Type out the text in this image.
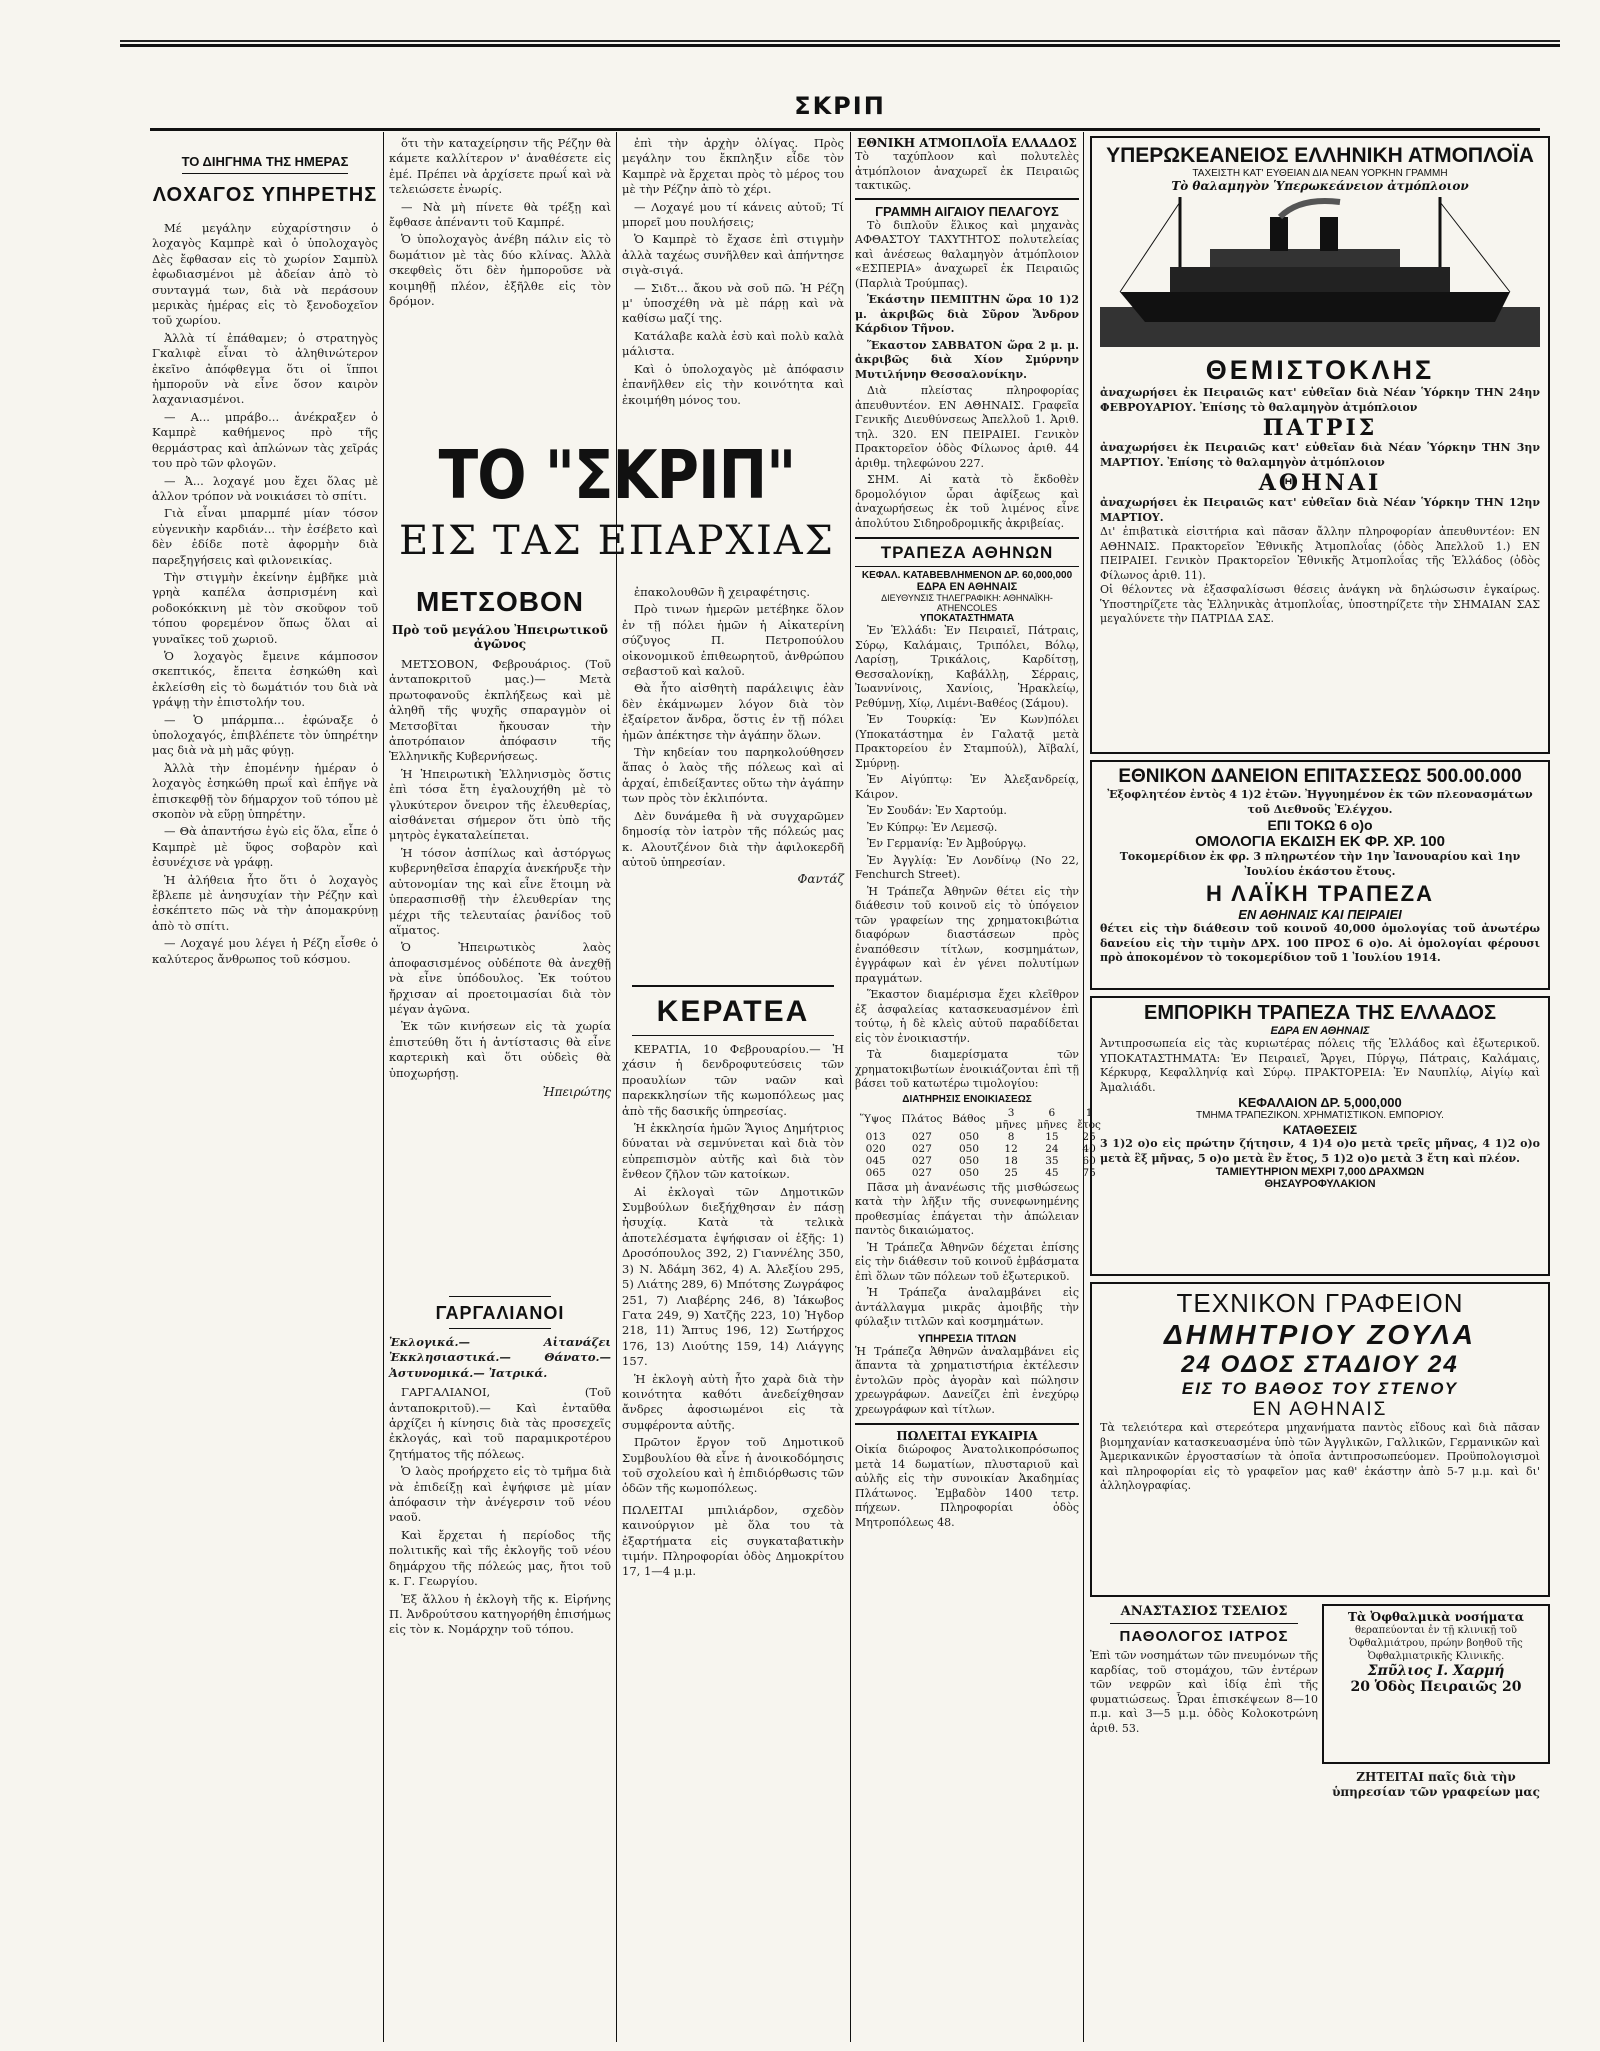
ΣΚΡΙΠ
ΤΟ ΔΙΗΓΗΜΑ ΤΗΣ ΗΜΕΡΑΣ
ΛΟΧΑΓΟΣ ΥΠΗΡΕΤΗΣ

Μέ μεγάλην εὐχαρίστησιν ὁ λοχαγὸς Καμπρὲ καὶ ὁ ὑπολοχαγὸς Δὲς ἔφθασαν εἰς τὸ χωρίον Σαμπὺλ ἐφωδιασμένοι μὲ ἀδείαν ἀπὸ τὸ συνταγμά των, διὰ νὰ περάσουν μερικὰς ἡμέρας εἰς τὸ ξενοδοχεῖον τοῦ χωρίου.

Ἀλλὰ τί ἐπάθαμεν; ὁ στρατηγὸς Γκαλιφὲ εἶναι τὸ ἀληθινώτερον ἐκεῖνο ἀπόφθεγμα ὅτι οἱ ἵπποι ἠμποροῦν νὰ εἶνε ὅσον καιρὸν λαχανιασμένοι.

— Α... μπράβο... ἀνέκραξεν ὁ Καμπρὲ καθήμενος πρὸ τῆς θερμάστρας καὶ ἀπλώνων τὰς χεῖράς του πρὸ τῶν φλογῶν.

— Ἀ... λοχαγέ μου ἔχει ὅλας μὲ ἀλλον τρόπον νὰ νοικιάσει τὸ σπίτι.

Γιὰ εἶναι μπαρμπέ μίαν τόσον εὐγενικὴν καρδιάν... τὴν ἐσέβετο καὶ δὲν ἐδίδε ποτὲ ἀφορμὴν διὰ παρεξηγήσεις καὶ φιλονεικίας.

Τὴν στιγμὴν ἐκείνην ἐμβῆκε μιὰ γρηὰ καπέλα ἀσπρισμένη καὶ ροδοκόκκινη μὲ τὸν σκοῦφον τοῦ τόπου φορεμένον ὅπως ὅλαι αἱ γυναῖκες τοῦ χωριοῦ.

Ὁ λοχαγὸς ἔμεινε κάμποσον σκεπτικός, ἔπειτα ἐσηκώθη καὶ ἐκλείσθη εἰς τὸ δωμάτιόν του διὰ νὰ γράψῃ τὴν ἐπιστολήν του.

— Ὁ μπάρμπα... ἐφώναξε ὁ ὑπολοχαγός, ἐπιβλέπετε τὸν ὑπηρέτην μας διὰ νὰ μὴ μᾶς φύγῃ.

Ἀλλὰ τὴν ἐπομένην ἡμέραν ὁ λοχαγὸς ἐσηκώθη πρωΐ καὶ ἐπῆγε νὰ ἐπισκεφθῇ τὸν δήμαρχον τοῦ τόπου μὲ σκοπὸν νὰ εὕρῃ ὑπηρέτην.

— Θὰ ἀπαντήσω ἐγὼ εἰς ὅλα, εἶπε ὁ Καμπρὲ μὲ ὕφος σοβαρὸν καὶ ἐσυνέχισε νὰ γράφῃ.

Ἡ ἀλήθεια ἦτο ὅτι ὁ λοχαγὸς ἔβλεπε μὲ ἀνησυχίαν τὴν Ρέζην καὶ ἐσκέπτετο πῶς νὰ τὴν ἀπομακρύνῃ ἀπὸ τὸ σπίτι.

— Λοχαγέ μου λέγει ἡ Ρέζη εἶσθε ὁ καλύτερος ἄνθρωπος τοῦ κόσμου.

ὅτι τὴν καταχείρησιν τῆς Ρέζην θὰ κάμετε καλλίτερον ν' ἀναθέσετε εἰς ἐμέ. Πρέπει νὰ ἀρχίσετε πρωΐ καὶ νὰ τελειώσετε ἐνωρίς.

— Νὰ μὴ πίνετε θὰ τρέξῃ καὶ ἔφθασε ἀπέναντι τοῦ Καμπρέ.

Ὁ ὑπολοχαγὸς ἀνέβη πάλιν εἰς τὸ δωμάτιον μὲ τὰς δύο κλίνας. Ἀλλὰ σκεφθεὶς ὅτι δὲν ἠμποροῦσε νὰ κοιμηθῇ πλέον, ἐξῆλθε εἰς τὸν δρόμον.

ΤΟ "ΣΚΡΙΠ"
ΕΙΣ ΤΑΣ ΕΠΑΡΧΙΑΣ
ΜΕΤΣΟΒΟΝ
Πρὸ τοῦ μεγάλου Ἠπειρωτικοῦ ἀγῶνος

ΜΕΤΣΟΒΟΝ, Φεβρουάριος. (Τοῦ ἀνταποκριτοῦ μας.)— Μετὰ πρωτοφανοῦς ἐκπλήξεως καὶ μὲ ἀληθῆ τῆς ψυχῆς σπαραγμὸν οἱ Μετσοβῖται ἤκουσαν τὴν ἀποτρόπαιον ἀπόφασιν τῆς Ἑλληνικῆς Κυβερνήσεως.

Ἡ Ἠπειρωτικὴ Ἑλληνισμὸς ὅστις ἐπὶ τόσα ἔτη ἐγαλουχήθη μὲ τὸ γλυκύτερον ὄνειρον τῆς ἐλευθερίας, αἰσθάνεται σήμερον ὅτι ὑπὸ τῆς μητρὸς ἐγκαταλείπεται.

Ἡ τόσον ἀσπίλως καὶ ἀστόργως κυβερνηθεῖσα ἐπαρχία ἀνεκήρυξε τὴν αὐτονομίαν της καὶ εἶνε ἕτοιμη νὰ ὑπερασπισθῇ τὴν ἐλευθερίαν της μέχρι τῆς τελευταίας ῥανίδος τοῦ αἵματος.

Ὁ Ἠπειρωτικὸς λαὸς ἀποφασισμένος οὐδέποτε θὰ ἀνεχθῇ νὰ εἶνε ὑπόδουλος. Ἐκ τούτου ἤρχισαν αἱ προετοιμασίαι διὰ τὸν μέγαν ἀγῶνα.

Ἐκ τῶν κινήσεων εἰς τὰ χωρία ἐπιστεύθη ὅτι ἡ ἀντίστασις θὰ εἶνε καρτερικὴ καὶ ὅτι οὐδεὶς θὰ ὑποχωρήσῃ.

Ἠπειρώτης
ΓΑΡΓΑΛΙΑΝΟΙ
Ἐκλογικά.— Αἰτανάζει Ἐκκλησιαστικά.— Θάνατο.— Ἀστυνομικά.— Ἰατρικά.

ΓΑΡΓΑΛΙΑΝΟΙ, (Τοῦ ἀνταποκριτοῦ).— Καὶ ἐνταῦθα ἀρχίζει ἡ κίνησις διὰ τὰς προσεχεῖς ἐκλογάς, καὶ τοῦ παραμικροτέρου ζητήματος τῆς πόλεως.

Ὁ λαὸς προήρχετο εἰς τὸ τμῆμα διὰ νὰ ἐπιδείξῃ καὶ ἐψήφισε μὲ μίαν ἀπόφασιν τὴν ἀνέγερσιν τοῦ νέου ναοῦ.

Καὶ ἔρχεται ἡ περίοδος τῆς πολιτικῆς καὶ τῆς ἐκλογῆς τοῦ νέου δημάρχου τῆς πόλεώς μας, ἤτοι τοῦ κ. Γ. Γεωργίου.

Ἐξ ἄλλου ἡ ἐκλογὴ τῆς κ. Εἰρήνης Π. Ἀνδρούτσου κατηγορήθη ἐπισήμως εἰς τὸν κ. Νομάρχην τοῦ τόπου.

ἐπὶ τὴν ἀρχὴν ὀλίγας. Πρὸς μεγάλην του ἔκπληξιν εἶδε τὸν Καμπρὲ νὰ ἔρχεται πρὸς τὸ μέρος του μὲ τὴν Ρέζην ἀπὸ τὸ χέρι.

— Λοχαγέ μου τί κάνεις αὐτοῦ; Τί μπορεῖ μου πουλήσεις;

Ὁ Καμπρὲ τὸ ἔχασε ἐπὶ στιγμὴν ἀλλὰ ταχέως συνῆλθεν καὶ ἀπήντησε σιγὰ-σιγά.

— Σιδτ... ἄκου νὰ σοῦ πῶ. Ἡ Ρέζη μ' ὑποσχέθη νὰ μὲ πάρῃ καὶ νὰ καθίσω μαζί της.

Κατάλαβε καλὰ ἐσὺ καὶ πολὺ καλὰ μάλιστα.

Καὶ ὁ ὑπολοχαγὸς μὲ ἀπόφασιν ἐπανῆλθεν εἰς τὴν κοινότητα καὶ ἐκοιμήθη μόνος του.

ἐπακολουθῶν ἢ χειραφέτησις.

Πρὸ τινων ἡμερῶν μετέβηκε ὅλον ἐν τῇ πόλει ἡμῶν ἡ Αἰκατερίνη σύζυγος Π. Πετροπούλου οἰκονομικοῦ ἐπιθεωρητοῦ, ἀνθρώπου σεβαστοῦ καὶ καλοῦ.

Θὰ ἦτο αἰσθητὴ παράλειψις ἐὰν δὲν ἐκάμνωμεν λόγον διὰ τὸν ἐξαίρετον ἄνδρα, ὅστις ἐν τῇ πόλει ἡμῶν ἀπέκτησε τὴν ἀγάπην ὅλων.

Τὴν κηδείαν του παρηκολούθησεν ἅπας ὁ λαὸς τῆς πόλεως καὶ αἱ ἀρχαί, ἐπιδείξαντες οὕτω τὴν ἀγάπην των πρὸς τὸν ἐκλιπόντα.

Δὲν δυνάμεθα ἢ νὰ συγχαρῶμεν δημοσίᾳ τὸν ἰατρὸν τῆς πόλεώς μας κ. Αλουτζένον διὰ τὴν ἀφιλοκερδῆ αὐτοῦ ὑπηρεσίαν.

Φαντάζ
ΚΕΡΑΤΕΑ

ΚΕΡΑΤΙΑ, 10 Φεβρουαρίου.— Ἡ χάσιν ἡ δενδροφυτεύσεις τῶν προαυλίων τῶν ναῶν καὶ παρεκκλησίων τῆς κωμοπόλεως μας ἀπὸ τῆς δασικῆς ὑπηρεσίας.

Ἡ ἐκκλησία ἡμῶν Ἅγιος Δημήτριος δύναται νὰ σεμνύνεται καὶ διὰ τὸν εὐπρεπισμὸν αὐτῆς καὶ διὰ τὸν ἔνθεον ζῆλον τῶν κατοίκων.

Αἱ ἐκλογαὶ τῶν Δημοτικῶν Συμβούλων διεξήχθησαν ἐν πάσῃ ἡσυχίᾳ. Κατὰ τὰ τελικὰ ἀποτελέσματα ἐψήφισαν οἱ ἑξῆς: 1) Δροσόπουλος 392, 2) Γιαννέλης 350, 3) Ν. Ἀδάμη 362, 4) Α. Ἀλεξίου 295, 5) Λιάτης 289, 6) Μπότσης Ζωγράφος 251, 7) Λιαβέρης 246, 8) Ἰάκωβος Γατα 249, 9) Χατζῆς 223, 10) Ἠγδορ 218, 11) Ἄπτυς 196, 12) Σωτήρχος 176, 13) Λιούτης 159, 14) Λιάγγης 157.

Ἡ ἐκλογὴ αὐτὴ ἦτο χαρὰ διὰ τὴν κοινότητα καθότι ἀνεδείχθησαν ἄνδρες ἀφοσιωμένοι εἰς τὰ συμφέροντα αὐτῆς.

Πρῶτον ἔργον τοῦ Δημοτικοῦ Συμβουλίου θὰ εἶνε ἡ ἀνοικοδόμησις τοῦ σχολείου καὶ ἡ ἐπιδιόρθωσις τῶν ὁδῶν τῆς κωμοπόλεως.

ΠΩΛΕΙΤΑΙ μπιλιάρδον, σχεδὸν καινούργιον μὲ ὅλα του τὰ ἐξαρτήματα εἰς συγκαταβατικὴν τιμήν. Πληροφορίαι ὁδὸς Δημοκρίτου 17, 1—4 μ.μ.
ΕΘΝΙΚΗ ΑΤΜΟΠΛΟΪΑ ΕΛΛΑΔΟΣ
Τὸ ταχύπλοον καὶ πολυτελὲς ἀτμόπλοιον ἀναχωρεῖ ἐκ Πειραιῶς τακτικῶς.
ΓΡΑΜΜΗ ΑΙΓΑΙΟΥ ΠΕΛΑΓΟΥΣ

Τὸ διπλοῦν ἕλικος καὶ μηχανὰς ΑΦΘΑΣΤΟΥ ΤΑΧΥΤΗΤΟΣ πολυτελείας καὶ ἀνέσεως θαλαμηγὸν ἀτμόπλοιον «ΕΣΠΕΡΙΑ» ἀναχωρεῖ ἐκ Πειραιῶς (Παρλιὰ Τρούμπας).

Ἑκάστην ΠΕΜΠΤΗΝ ὥρα 10 1)2 μ. ἀκριβῶς διὰ Σῦρον Ἄνδρον Κάρδιον Τῆνον.

Ἕκαστον ΣΑΒΒΑΤΟΝ ὥρα 2 μ. μ. ἀκριβῶς διὰ Χίον Σμύρνην Μυτιλήνην Θεσσαλονίκην.

Διὰ πλείστας πληροφορίας ἀπευθυντέον. ΕΝ ΑΘΗΝΑΙΣ. Γραφεῖα Γενικῆς Διευθύνσεως Ἀπελλοῦ 1. Ἀριθ. τηλ. 320. ΕΝ ΠΕΙΡΑΙΕΙ. Γενικὸν Πρακτορεῖον ὁδὸς Φίλωνος ἀριθ. 44 ἀριθμ. τηλεφώνου 227.

ΣΗΜ. Αἱ κατὰ τὸ ἔκδοθὲν δρομολόγιον ὧραι ἀφίξεως καὶ ἀναχωρήσεως ἐκ τοῦ λιμένος εἶνε ἀπολύτου Σιδηροδρομικῆς ἀκριβείας.

ΤΡΑΠΕΖΑ ΑΘΗΝΩΝ
ΚΕΦΑΛ. ΚΑΤΑΒΕΒΛΗΜΕΝΟΝ ΔΡ. 60,000,000
ΕΔΡΑ ΕΝ ΑΘΗΝΑΙΣ
ΔΙΕΥΘΥΝΣΙΣ ΤΗΛΕΓΡΑΦΙΚΗ: ΑΘΗΝΑΪΚΗ-ATHENCOLES
ΥΠΟΚΑΤΑΣΤΗΜΑΤΑ

Ἐν Ἑλλάδι: Ἐν Πειραιεῖ, Πάτραις, Σύρῳ, Καλάμαις, Τριπόλει, Βόλῳ, Λαρίσῃ, Τρικάλοις, Καρδίτσῃ, Θεσσαλονίκῃ, Καβάλλῃ, Σέρραις, Ἰωαννίνοις, Χανίοις, Ἡρακλείῳ, Ρεθύμνῃ, Χίῳ, Λιμένι-Βαθέος (Σάμου).

Ἐν Τουρκίᾳ: Ἐν Κων)πόλει (Υποκατάστημα ἐν Γαλατᾷ μετὰ Πρακτορείου ἐν Σταμπούλ), Ἀϊβαλί, Σμύρνῃ.

Ἐν Αἰγύπτῳ: Ἐν Ἀλεξανδρείᾳ, Κάιρον.

Ἐν Σουδάν: Ἐν Χαρτούμ.

Ἐν Κύπρῳ: Ἐν Λεμεσῷ.

Ἐν Γερμανίᾳ: Ἐν Ἀμβούργῳ.

Ἐν Ἀγγλίᾳ: Ἐν Λονδίνῳ (Νο 22, Fenchurch Street).

Ἡ Τράπεζα Ἀθηνῶν θέτει εἰς τὴν διάθεσιν τοῦ κοινοῦ εἰς τὸ ὑπόγειον τῶν γραφείων της χρηματοκιβώτια διαφόρων διαστάσεων πρὸς ἐναπόθεσιν τίτλων, κοσμημάτων, ἐγγράφων καὶ ἐν γένει πολυτίμων πραγμάτων.

Ἕκαστον διαμέρισμα ἔχει κλεῖθρον ἐξ ἀσφαλείας κατασκευασμένον ἐπὶ τούτῳ, ἡ δὲ κλεὶς αὐτοῦ παραδίδεται εἰς τὸν ἐνοικιαστήν.

Τὰ διαμερίσματα τῶν χρηματοκιβωτίων ἐνοικιάζονται ἐπὶ τῇ βάσει τοῦ κατωτέρω τιμολογίου:

ΔΙΑΤΗΡΗΣΙΣ ΕΝΟΙΚΙΑΣΕΩΣ
Ὕψος	Πλάτος	Βάθος	3 μῆνες	6 μῆνες	1 ἔτος
013	027	050	8	15	25
020	027	050	12	24	40
045	027	050	18	35	60
065	027	050	25	45	75

Πᾶσα μὴ ἀνανέωσις τῆς μισθώσεως κατὰ τὴν λῆξιν τῆς συνεφωνημένης προθεσμίας ἐπάγεται τὴν ἀπώλειαν παντὸς δικαιώματος.

Ἡ Τράπεζα Ἀθηνῶν δέχεται ἐπίσης εἰς τὴν διάθεσιν τοῦ κοινοῦ ἐμβάσματα ἐπὶ ὅλων τῶν πόλεων τοῦ ἐξωτερικοῦ.

Ἡ Τράπεζα ἀναλαμβάνει εἰς ἀντάλλαγμα μικρᾶς ἀμοιβῆς τὴν φύλαξιν τιτλῶν καὶ κοσμημάτων.

ΥΠΗΡΕΣΙΑ ΤΙΤΛΩΝ
Ἡ Τράπεζα Ἀθηνῶν ἀναλαμβάνει εἰς ἅπαντα τὰ χρηματιστήρια ἐκτέλεσιν ἐντολῶν πρὸς ἀγορὰν καὶ πώλησιν χρεωγράφων. Δανείζει ἐπὶ ἐνεχύρῳ χρεωγράφων καὶ τίτλων.
ΠΩΛΕΙΤΑΙ ΕΥΚΑΙΡΙΑ
Οἰκία διώροφος Ἀνατολικοπρόσωπος μετὰ 14 δωματίων, πλυσταριοῦ καὶ αὐλῆς εἰς τὴν συνοικίαν Ἀκαδημίας Πλάτωνος. Ἐμβαδὸν 1400 τετρ. πήχεων. Πληροφορίαι ὁδὸς Μητροπόλεως 48.
ΥΠΕΡΩΚΕΑΝΕΙΟΣ ΕΛΛΗΝΙΚΗ ΑΤΜΟΠΛΟΪΑ
ΤΑΧΕΙΣΤΗ ΚΑΤ' ΕΥΘΕΙΑΝ ΔΙΑ ΝΕΑΝ ΥΟΡΚΗΝ ΓΡΑΜΜΗ
Τὸ θαλαμηγὸν Ὑπερωκεάνειον ἀτμόπλοιον
ΘΕΜΙΣΤΟΚΛΗΣ
ἀναχωρήσει ἐκ Πειραιῶς κατ' εὐθεῖαν διὰ Νέαν Ὑόρκην ΤΗΝ 24ην ΦΕΒΡΟΥΑΡΙΟΥ. Ἐπίσης τὸ θαλαμηγὸν ἀτμόπλοιον
ΠΑΤΡΙΣ
ἀναχωρήσει ἐκ Πειραιῶς κατ' εὐθεῖαν διὰ Νέαν Ὑόρκην ΤΗΝ 3ην ΜΑΡΤΙΟΥ. Ἐπίσης τὸ θαλαμηγὸν ἀτμόπλοιον
ΑΘΗΝΑΙ
ἀναχωρήσει ἐκ Πειραιῶς κατ' εὐθεῖαν διὰ Νέαν Ὑόρκην ΤΗΝ 12ην ΜΑΡΤΙΟΥ.
Δι' ἐπιβατικὰ εἰσιτήρια καὶ πᾶσαν ἄλλην πληροφορίαν ἀπευθυντέον: ΕΝ ΑΘΗΝΑΙΣ. Πρακτορεῖον Ἐθνικῆς Ἀτμοπλοΐας (ὁδὸς Ἀπελλοῦ 1.) ΕΝ ΠΕΙΡΑΙΕΙ. Γενικὸν Πρακτορεῖον Ἐθνικῆς Ἀτμοπλοΐας τῆς Ἑλλάδος (ὁδὸς Φίλωνος ἀριθ. 11).
Οἱ θέλοντες νὰ ἐξασφαλίσωσι θέσεις ἀνάγκη νὰ δηλώσωσιν ἐγκαίρως. Ὑποστηρίζετε τὰς Ἑλληνικὰς ἀτμοπλοΐας, ὑποστηρίζετε τὴν ΣΗΜΑΙΑΝ ΣΑΣ μεγαλύνετε τὴν ΠΑΤΡΙΔΑ ΣΑΣ.
ΕΘΝΙΚΟΝ ΔΑΝΕΙΟΝ ΕΠΙΤΑΣΣΕΩΣ 500.00.000
Ἐξοφλητέον ἐντὸς 4 1)2 ἐτῶν. Ἠγγυημένον ἐκ τῶν πλεονασμάτων τοῦ Διεθνοῦς Ἐλέγχου.
ΕΠΙ ΤΟΚΩ 6 ο)ο
ΟΜΟΛΟΓΙΑ ΕΚΔΙΣΗ ΕΚ ΦΡ. ΧΡ. 100
Τοκομερίδιον ἐκ φρ. 3 πληρωτέον τὴν 1ην Ἰανουαρίου καὶ 1ην Ἰουλίου ἑκάστου ἔτους.
Η ΛΑΪΚΗ ΤΡΑΠΕΖΑ
ΕΝ ΑΘΗΝΑΙΣ ΚΑΙ ΠΕΙΡΑΙΕΙ
θέτει εἰς τὴν διάθεσιν τοῦ κοινοῦ 40,000 ὁμολογίας τοῦ ἀνωτέρω δανείου εἰς τὴν τιμὴν ΔΡΧ. 100 ΠΡΟΣ 6 ο)ο. Αἱ ὁμολογίαι φέρουσι πρὸ ἀποκομένον τὸ τοκομερίδιον τοῦ 1 Ἰουλίου 1914.
ΕΜΠΟΡΙΚΗ ΤΡΑΠΕΖΑ ΤΗΣ ΕΛΛΑΔΟΣ
ΕΔΡΑ ΕΝ ΑΘΗΝΑΙΣ
Ἀντιπροσωπεία εἰς τὰς κυριωτέρας πόλεις τῆς Ἑλλάδος καὶ ἐξωτερικοῦ. ΥΠΟΚΑΤΑΣΤΗΜΑΤΑ: Ἐν Πειραιεῖ, Ἄργει, Πύργῳ, Πάτραις, Καλάμαις, Κέρκυρᾳ, Κεφαλληνίᾳ καὶ Σύρῳ. ΠΡΑΚΤΟΡΕΙΑ: Ἐν Ναυπλίῳ, Αἰγίῳ καὶ Ἀμαλιάδι.
ΚΕΦΑΛΑΙΟΝ ΔΡ. 5,000,000
ΤΜΗΜΑ ΤΡΑΠΕΖΙΚΟΝ. ΧΡΗΜΑΤΙΣΤΙΚΟΝ. ΕΜΠΟΡΙΟΥ.
ΚΑΤΑΘΕΣΕΙΣ
3 1)2 ο)ο εἰς πρώτην ζήτησιν, 4 1)4 ο)ο μετὰ τρεῖς μῆνας, 4 1)2 ο)ο μετὰ ἓξ μῆνας, 5 ο)ο μετὰ ἓν ἔτος, 5 1)2 ο)ο μετὰ 3 ἔτη καὶ πλέον.
ΤΑΜΙΕΥΤΗΡΙΟΝ ΜΕΧΡΙ 7,000 ΔΡΑΧΜΩΝ
ΘΗΣΑΥΡΟΦΥΛΑΚΙΟΝ
ΤΕΧΝΙΚΟΝ ΓΡΑΦΕΙΟΝ
ΔΗΜΗΤΡΙΟΥ ΖΟΥΛΑ
24 ΟΔΟΣ ΣΤΑΔΙΟΥ 24
ΕΙΣ ΤΟ ΒΑΘΟΣ ΤΟΥ ΣΤΕΝΟΥ
ΕΝ ΑΘΗΝΑΙΣ
Τὰ τελειότερα καὶ στερεότερα μηχανήματα παντὸς εἴδους καὶ διὰ πᾶσαν βιομηχανίαν κατασκευασμένα ὑπὸ τῶν Ἀγγλικῶν, Γαλλικῶν, Γερμανικῶν καὶ Ἀμερικανικῶν ἐργοστασίων τὰ ὁποῖα ἀντιπροσωπεύομεν. Προϋπολογισμοὶ καὶ πληροφορίαι εἰς τὸ γραφεῖον μας καθ' ἑκάστην ἀπὸ 5-7 μ.μ. καὶ δι' ἀλληλογραφίας.
ΑΝΑΣΤΑΣΙΟΣ ΤΣΕΛΙΟΣ
ΠΑΘΟΛΟΓΟΣ ΙΑΤΡΟΣ
Ἐπὶ τῶν νοσημάτων τῶν πνευμόνων τῆς καρδίας, τοῦ στομάχου, τῶν ἐντέρων τῶν νεφρῶν καὶ ἰδίᾳ ἐπὶ τῆς φυματιώσεως. Ὧραι ἐπισκέψεων 8—10 π.μ. καὶ 3—5 μ.μ. ὁδὸς Κολοκοτρώνη ἀριθ. 53.
Τὰ Ὀφθαλμικὰ νοσήματα
θεραπεύονται ἐν τῇ κλινικῇ τοῦ Ὀφθαλμιάτρου, πρώην βοηθοῦ τῆς Ὀφθαλμιατρικῆς Κλινικῆς.
Σπῦλιος Ι. Χαρμή
20 Ὁδὸς Πειραιῶς 20
ΖΗΤΕΙΤΑΙ παῖς διὰ τὴν ὑπηρεσίαν τῶν γραφείων μας
